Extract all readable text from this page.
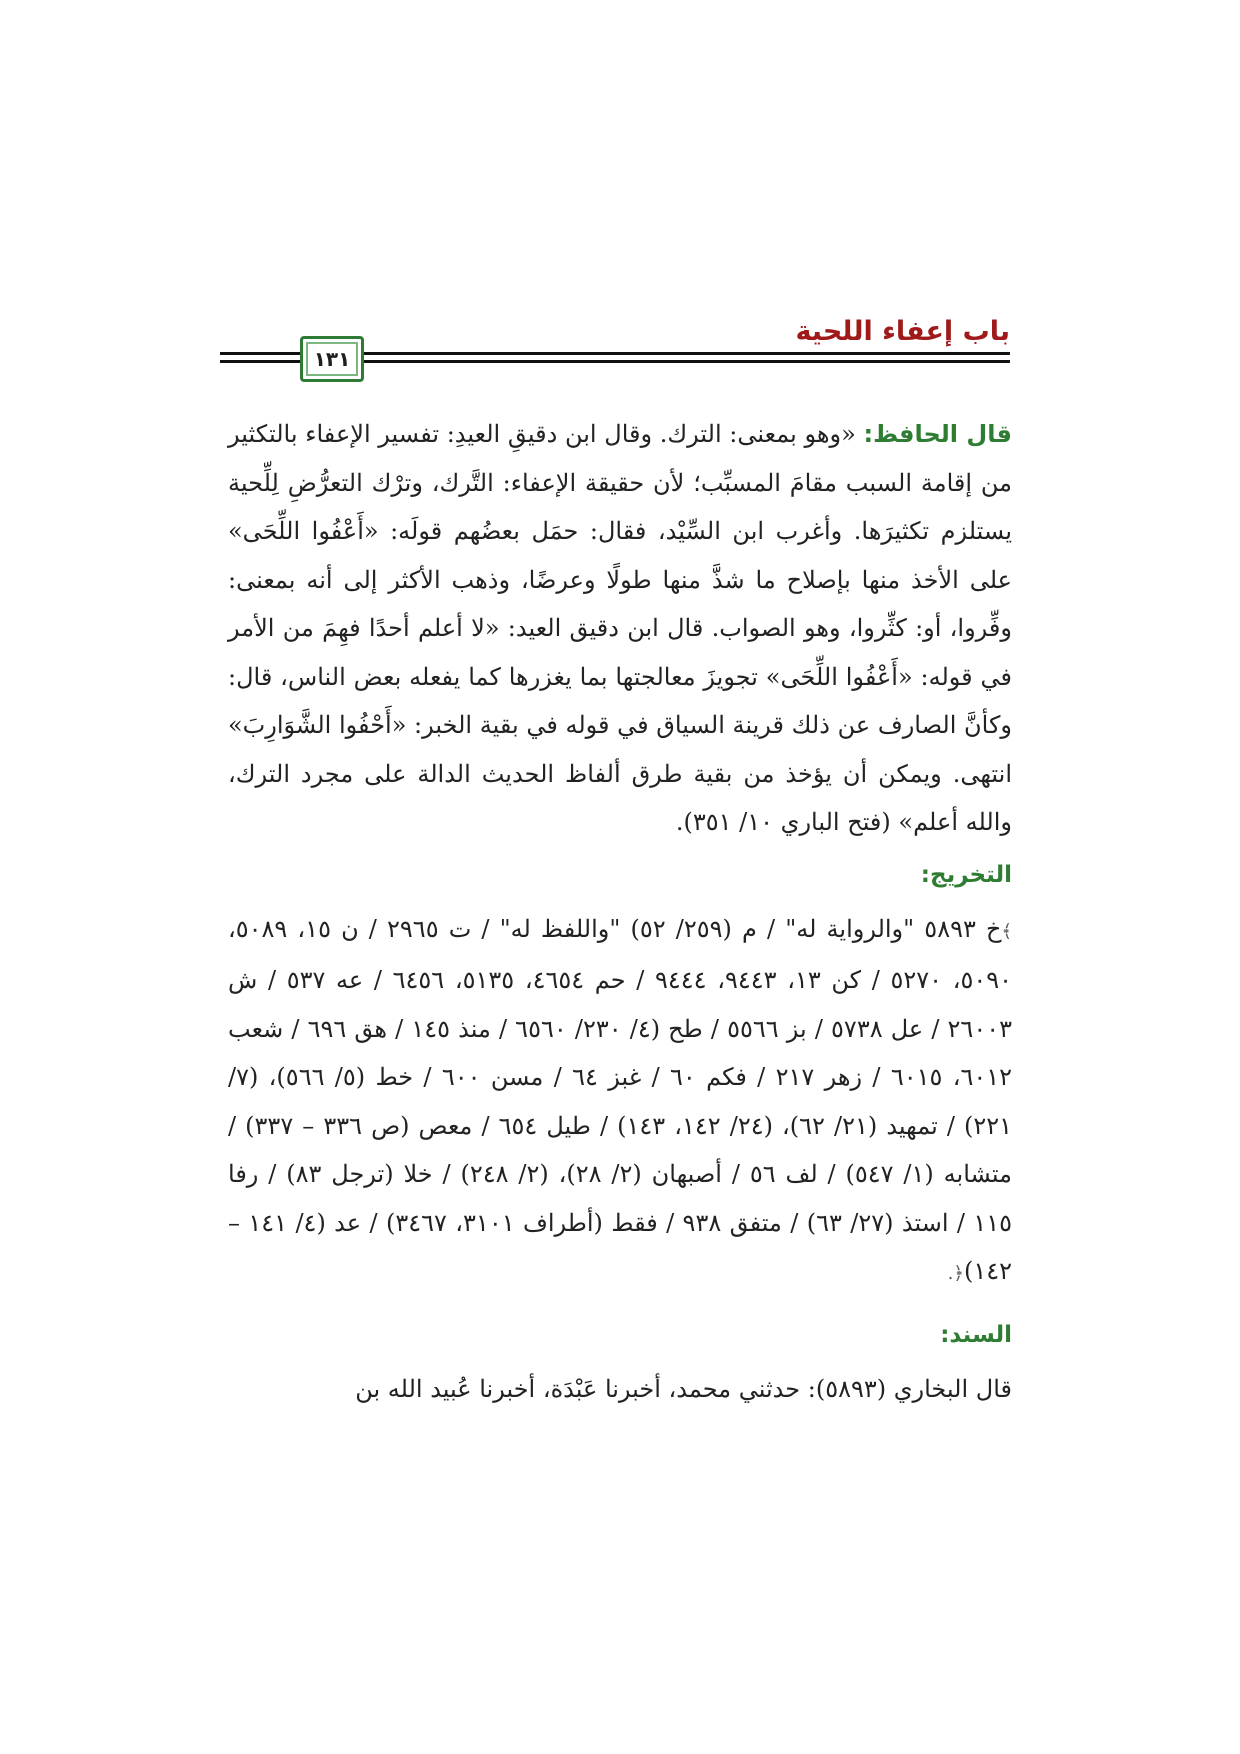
باب إعفاء اللحية
١٣١

قال الحافظ: «وهو بمعنى: الترك. وقال ابن دقيقِ العيدِ: تفسير الإعفاء بالتكثير من إقامة السبب مقامَ المسبِّب؛ لأن حقيقة الإعفاء: التَّرك، وترْك التعرُّضِ لِلِّحية يستلزم تكثيرَها. وأغرب ابن السِّيْد، فقال: حمَل بعضُهم قولَه: «أَعْفُوا اللِّحَى» على الأخذ منها بإصلاح ما شذَّ منها طولًا وعرضًا، وذهب الأكثر إلى أنه بمعنى: وفِّروا، أو: كثِّروا، وهو الصواب. قال ابن دقيق العيد: «لا أعلم أحدًا فهِمَ من الأمر في قوله: «أَعْفُوا اللِّحَى» تجويزَ معالجتها بما يغزرها كما يفعله بعض الناس، قال: وكأنَّ الصارف عن ذلك قرينة السياق في قوله في بقية الخبر: «أَحْفُوا الشَّوَارِبَ» انتهى. ويمكن أن يؤخذ من بقية طرق ألفاظ الحديث الدالة على مجرد الترك، والله أعلم» (فتح الباري ١٠/ ٣٥١).

التخريج:

﴾خ ٥٨٩٣ "والرواية له" / م (٢٥٩/ ٥٢) "واللفظ له" / ت ٢٩٦٥ / ن ١٥، ٥٠٨٩، ٥٠٩٠، ٥٢٧٠ / كن ١٣، ٩٤٤٣، ٩٤٤٤ / حم ٤٦٥٤، ٥١٣٥، ٦٤٥٦ / عه ٥٣٧ / ش ٢٦٠٠٣ / عل ٥٧٣٨ / بز ٥٥٦٦ / طح (٤/ ٢٣٠/ ٦٥٦٠ / منذ ١٤٥ / هق ٦٩٦ / شعب ٦٠١٢، ٦٠١٥ / زهر ٢١٧ / فكم ٦٠ / غبز ٦٤ / مسن ٦٠٠ / خط (٥/ ٥٦٦)، (٧/ ٢٢١) / تمهيد (٢١/ ٦٢)، (٢٤/ ١٤٢، ١٤٣) / طيل ٦٥٤ / معص (ص ٣٣٦ – ٣٣٧) / متشابه (١/ ٥٤٧) / لف ٥٦ / أصبهان (٢/ ٢٨)، (٢/ ٢٤٨) / خلا (ترجل ٨٣) / رفا ١١٥ / استذ (٢٧/ ٦٣) / متفق ٩٣٨ / فقط (أطراف ٣١٠١، ٣٤٦٧) / عد (٤/ ١٤١ – ١٤٢)﴿.

السند:

قال البخاري (٥٨٩٣): حدثني محمد، أخبرنا عَبْدَة، أخبرنا عُبيد الله بن
